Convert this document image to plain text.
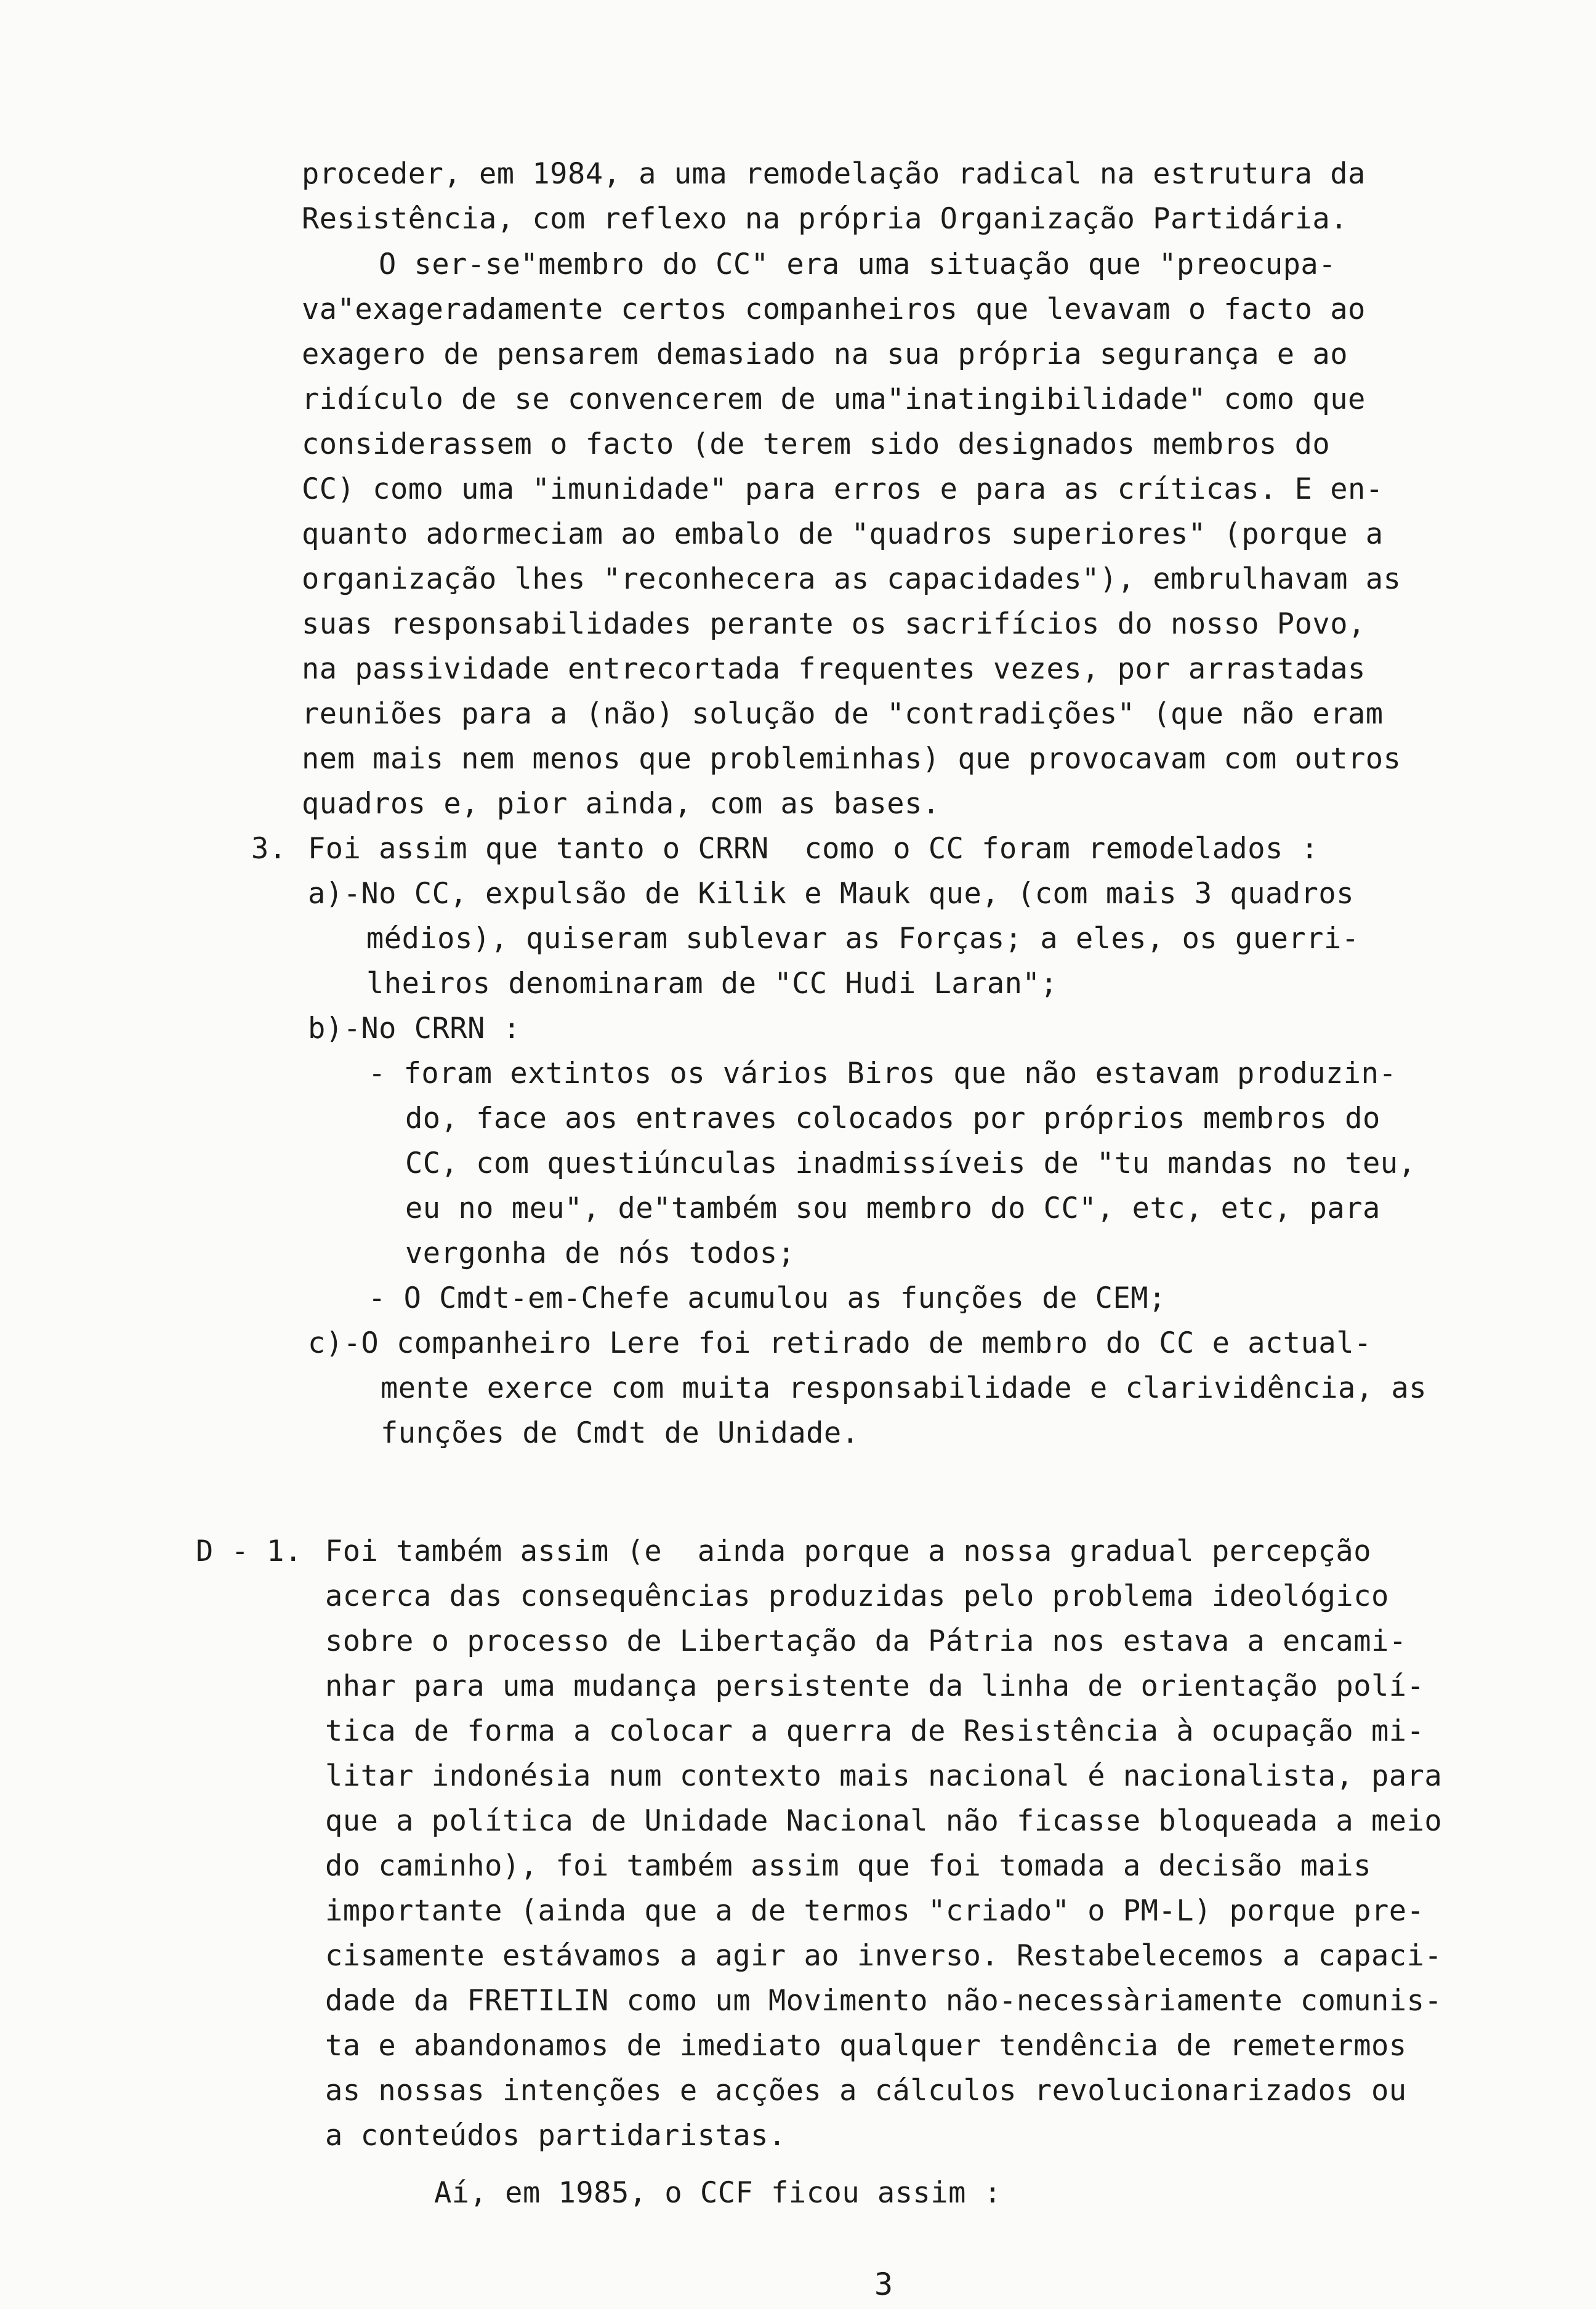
proceder, em 1984, a uma remodelação radical na estrutura da
Resistência, com reflexo na própria Organização Partidária.
O ser-se"membro do CC" era uma situação que "preocupa-
va"exageradamente certos companheiros que levavam o facto ao
exagero de pensarem demasiado na sua própria segurança e ao
ridículo de se convencerem de uma"inatingibilidade" como que
considerassem o facto (de terem sido designados membros do
CC) como uma "imunidade" para erros e para as críticas. E en-
quanto adormeciam ao embalo de "quadros superiores" (porque a
organização lhes "reconhecera as capacidades"), embrulhavam as
suas responsabilidades perante os sacrifícios do nosso Povo,
na passividade entrecortada frequentes vezes, por arrastadas
reuniões para a (não) solução de "contradições" (que não eram
nem mais nem menos que probleminhas) que provocavam com outros
quadros e, pior ainda, com as bases.
3. Foi assim que tanto o CRRN  como o CC foram remodelados :
a)-No CC, expulsão de Kilik e Mauk que, (com mais 3 quadros
médios), quiseram sublevar as Forças; a eles, os guerri-
lheiros denominaram de "CC Hudi Laran";
b)-No CRRN :
- foram extintos os vários Biros que não estavam produzin-
do, face aos entraves colocados por próprios membros do
CC, com questiúnculas inadmissíveis de "tu mandas no teu,
eu no meu", de"também sou membro do CC", etc, etc, para
vergonha de nós todos;
- O Cmdt-em-Chefe acumulou as funções de CEM;
c)-O companheiro Lere foi retirado de membro do CC e actual-
mente exerce com muita responsabilidade e clarividência, as
funções de Cmdt de Unidade.
D - 1. Foi também assim (e  ainda porque a nossa gradual percepção
acerca das consequências produzidas pelo problema ideológico
sobre o processo de Libertação da Pátria nos estava a encami-
nhar para uma mudança persistente da linha de orientação polí-
tica de forma a colocar a querra de Resistência à ocupação mi-
litar indonésia num contexto mais nacional é nacionalista, para
que a política de Unidade Nacional não ficasse bloqueada a meio
do caminho), foi também assim que foi tomada a decisão mais
importante (ainda que a de termos "criado" o PM-L) porque pre-
cisamente estávamos a agir ao inverso. Restabelecemos a capaci-
dade da FRETILIN como um Movimento não-necessàriamente comunis-
ta e abandonamos de imediato qualquer tendência de remetermos
as nossas intenções e acções a cálculos revolucionarizados ou
a conteúdos partidaristas.
Aí, em 1985, o CCF ficou assim :
3
